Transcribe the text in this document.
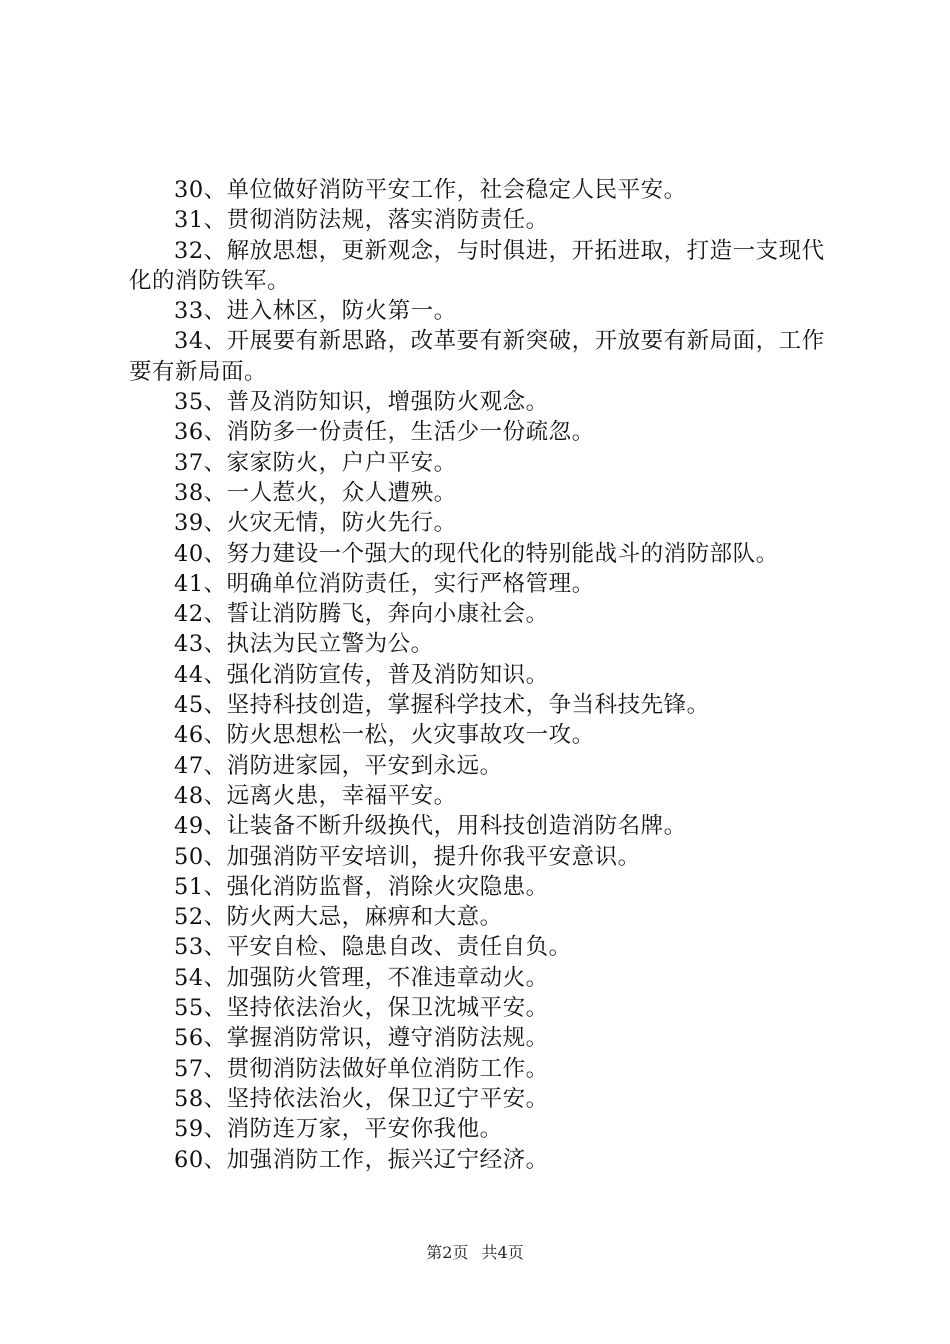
30、单位做好消防平安工作，社会稳定人民平安。
31、贯彻消防法规，落实消防责任。
32、解放思想，更新观念，与时俱进，开拓进取，打造一支现代化的消防铁军。
33、进入林区，防火第一。
34、开展要有新思路，改革要有新突破，开放要有新局面，工作要有新局面。
35、普及消防知识，增强防火观念。
36、消防多一份责任，生活少一份疏忽。
37、家家防火，户户平安。
38、一人惹火，众人遭殃。
39、火灾无情，防火先行。
40、努力建设一个强大的现代化的特别能战斗的消防部队。
41、明确单位消防责任，实行严格管理。
42、誓让消防腾飞，奔向小康社会。
43、执法为民立警为公。
44、强化消防宣传，普及消防知识。
45、坚持科技创造，掌握科学技术，争当科技先锋。
46、防火思想松一松，火灾事故攻一攻。
47、消防进家园，平安到永远。
48、远离火患，幸福平安。
49、让装备不断升级换代，用科技创造消防名牌。
50、加强消防平安培训，提升你我平安意识。
51、强化消防监督，消除火灾隐患。
52、防火两大忌，麻痹和大意。
53、平安自检、隐患自改、责任自负。
54、加强防火管理，不准违章动火。
55、坚持依法治火，保卫沈城平安。
56、掌握消防常识，遵守消防法规。
57、贯彻消防法做好单位消防工作。
58、坚持依法治火，保卫辽宁平安。
59、消防连万家，平安你我他。
60、加强消防工作，振兴辽宁经济。
第2页 共4页
